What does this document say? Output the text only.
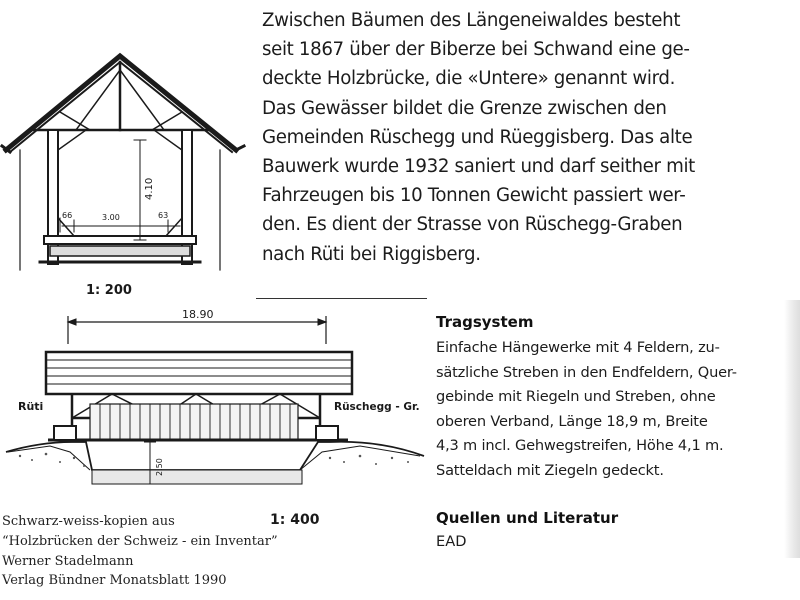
4.10
66	3.00	63
1: 200

Zwischen Bäumen des Längeneiwaldes besteht
seit 1867 über der Biberze bei Schwand eine ge-
deckte Holzbrücke, die «Untere» genannt wird.
Das Gewässer bildet die Grenze zwischen den
Gemeinden Rüschegg und Rüeggisberg. Das alte
Bauwerk wurde 1932 saniert und darf seither mit
Fahrzeugen bis 10 Tonnen Gewicht passiert wer-
den. Es dient der Strasse von Rüschegg-Graben
nach Rüti bei Riggisberg.

18.90
Rüti	Rüschegg - Gr.
2.50
1: 400
Tragsystem

Einfache Hängewerke mit 4 Feldern, zu-
sätzliche Streben in den Endfeldern, Quer-
gebinde mit Riegeln und Streben, ohne
oberen Verband, Länge 18,9 m, Breite
4,3 m incl. Gehwegstreifen, Höhe 4,1 m.
Satteldach mit Ziegeln gedeckt.

Quellen und Literatur

EAD

Schwarz-weiss-kopien aus
“Holzbrücken der Schweiz - ein Inventar”
Werner Stadelmann
Verlag Bündner Monatsblatt 1990
